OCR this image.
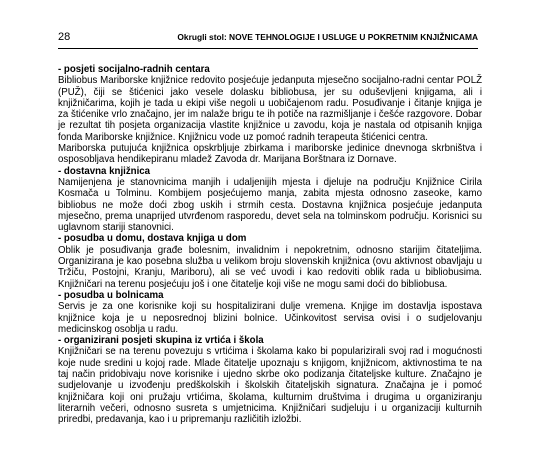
28	Okrugli stol: NOVE TEHNOLOGIJE I USLUGE U POKRETNIM KNJIŽNICAMA

- posjeti socijalno-radnih centara

Bibliobus Mariborske knjižnice redovito posjećuje jedanputa mjesečno socijalno-radni centar POLŽ (PUŽ), čiji se štićenici jako vesele dolasku bibliobusa, jer su oduševljeni knjigama, ali i knjižničarima, kojih je tada u ekipi više negoli u uobičajenom radu. Posuđivanje i čitanje knjiga je za štićenike vrlo značajno, jer im nalaže brigu te ih potiče na razmišljanje i češće razgovore. Dobar je rezultat tih posjeta organizacija vlastite knjižnice u zavodu, koja je nastala od otpisanih knjiga fonda Mariborske knjižnice. Knjižnicu vode uz pomoć radnih terapeuta štićenici centra.

Mariborska putujuća knjižnica opskrbljuje zbirkama i mariborske jedinice dnevnoga skrbništva i osposobljava hendikepiranu mladež Zavoda dr. Marijana Borštnara iz Dornave.

- dostavna knjižnica

Namijenjena je stanovnicima manjih i udaljenijih mjesta i djeluje na području Knjižnice Cirila Kosmača u Tolminu. Kombijem posjećujemo manja, zabita mjesta odnosno zaseoke, kamo bibliobus ne može doći zbog uskih i strmih cesta. Dostavna knjižnica posjećuje jedanputa mjesečno, prema unaprijed utvrđenom rasporedu, devet sela na tolminskom području. Korisnici su uglavnom stariji stanovnici.

- posudba u domu, dostava knjiga u dom

Oblik je posuđivanja građe bolesnim, invalidnim i nepokretnim, odnosno starijim čitateljima. Organizirana je kao posebna služba u velikom broju slovenskih knjižnica (ovu aktivnost obavljaju u Tržiču, Postojni, Kranju, Mariboru), ali se već uvodi i kao redoviti oblik rada u bibliobusima. Knjižničari na terenu posjećuju još i one čitatelje koji više ne mogu sami doći do bibliobusa.

- posudba u bolnicama

Servis je za one korisnike koji su hospitalizirani dulje vremena. Knjige im dostavlja ispostava knjižnice koja je u neposrednoj blizini bolnice. Učinkovitost servisa ovisi i o sudjelovanju medicinskog osoblja u radu.

- organizirani posjeti skupina iz vrtića i škola

Knjižničari se na terenu povezuju s vrtićima i školama kako bi popularizirali svoj rad i mogućnosti koje nude sredini u kojoj rade. Mlade čitatelje upoznaju s knjigom, knjižnicom, aktivnostima te na taj način pridobivaju nove korisnike i ujedno skrbe oko podizanja čitateljske kulture. Značajno je sudjelovanje u izvođenju predškolskih i školskih čitateljskih signatura. Značajna je i pomoć knjižničara koji oni pružaju vrtićima, školama, kulturnim društvima i drugima u organiziranju literarnih večeri, odnosno susreta s umjetnicima. Knjižničari sudjeluju i u organizaciji kulturnih priredbi, predavanja, kao i u pripremanju različitih izložbi.
